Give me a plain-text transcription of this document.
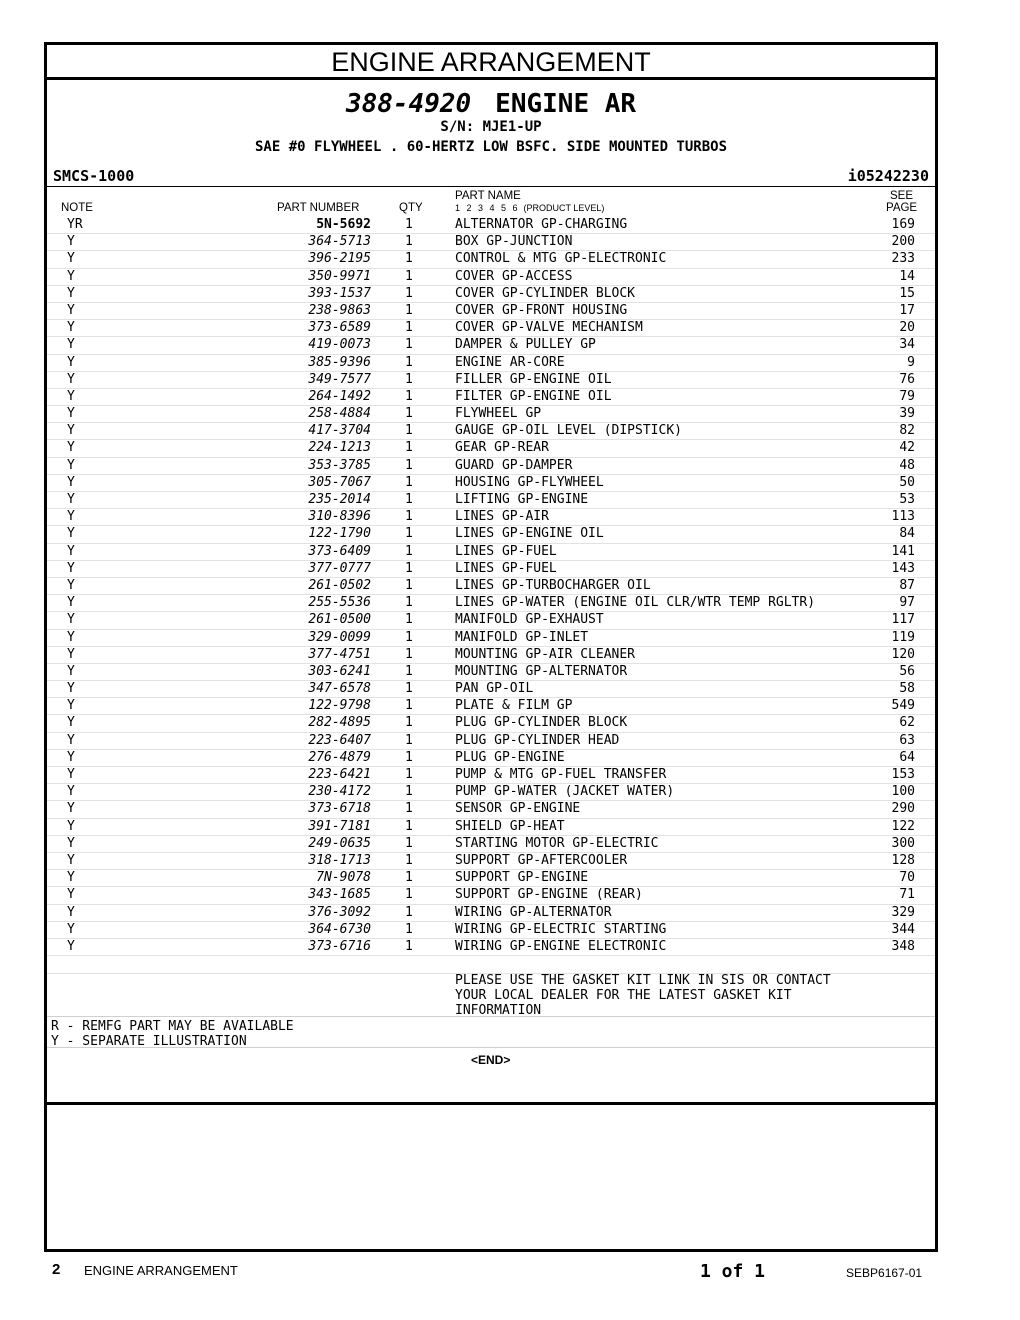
ENGINE ARRANGEMENT
388-4920 ENGINE AR
S/N: MJE1-UP
SAE #0 FLYWHEEL . 60-HERTZ LOW BSFC. SIDE MOUNTED TURBOS
SMCS-1000	i05242230
NOTE	PART NUMBER	QTY
PART NAME
1 2 3 4 5 6 (PRODUCT LEVEL)
SEE
PAGE
YR	5N-5692	1	ALTERNATOR GP-CHARGING	169
Y	364-5713	1	BOX GP-JUNCTION	200
Y	396-2195	1	CONTROL & MTG GP-ELECTRONIC	233
Y	350-9971	1	COVER GP-ACCESS	14
Y	393-1537	1	COVER GP-CYLINDER BLOCK	15
Y	238-9863	1	COVER GP-FRONT HOUSING	17
Y	373-6589	1	COVER GP-VALVE MECHANISM	20
Y	419-0073	1	DAMPER & PULLEY GP	34
Y	385-9396	1	ENGINE AR-CORE	9
Y	349-7577	1	FILLER GP-ENGINE OIL	76
Y	264-1492	1	FILTER GP-ENGINE OIL	79
Y	258-4884	1	FLYWHEEL GP	39
Y	417-3704	1	GAUGE GP-OIL LEVEL (DIPSTICK)	82
Y	224-1213	1	GEAR GP-REAR	42
Y	353-3785	1	GUARD GP-DAMPER	48
Y	305-7067	1	HOUSING GP-FLYWHEEL	50
Y	235-2014	1	LIFTING GP-ENGINE	53
Y	310-8396	1	LINES GP-AIR	113
Y	122-1790	1	LINES GP-ENGINE OIL	84
Y	373-6409	1	LINES GP-FUEL	141
Y	377-0777	1	LINES GP-FUEL	143
Y	261-0502	1	LINES GP-TURBOCHARGER OIL	87
Y	255-5536	1	LINES GP-WATER (ENGINE OIL CLR/WTR TEMP RGLTR)	97
Y	261-0500	1	MANIFOLD GP-EXHAUST	117
Y	329-0099	1	MANIFOLD GP-INLET	119
Y	377-4751	1	MOUNTING GP-AIR CLEANER	120
Y	303-6241	1	MOUNTING GP-ALTERNATOR	56
Y	347-6578	1	PAN GP-OIL	58
Y	122-9798	1	PLATE & FILM GP	549
Y	282-4895	1	PLUG GP-CYLINDER BLOCK	62
Y	223-6407	1	PLUG GP-CYLINDER HEAD	63
Y	276-4879	1	PLUG GP-ENGINE	64
Y	223-6421	1	PUMP & MTG GP-FUEL TRANSFER	153
Y	230-4172	1	PUMP GP-WATER (JACKET WATER)	100
Y	373-6718	1	SENSOR GP-ENGINE	290
Y	391-7181	1	SHIELD GP-HEAT	122
Y	249-0635	1	STARTING MOTOR GP-ELECTRIC	300
Y	318-1713	1	SUPPORT GP-AFTERCOOLER	128
Y	7N-9078	1	SUPPORT GP-ENGINE	70
Y	343-1685	1	SUPPORT GP-ENGINE (REAR)	71
Y	376-3092	1	WIRING GP-ALTERNATOR	329
Y	364-6730	1	WIRING GP-ELECTRIC STARTING	344
Y	373-6716	1	WIRING GP-ENGINE ELECTRONIC	348
PLEASE USE THE GASKET KIT LINK IN SIS OR CONTACT
YOUR LOCAL DEALER FOR THE LATEST GASKET KIT
INFORMATION
R - REMFG PART MAY BE AVAILABLE
Y - SEPARATE ILLUSTRATION
<END>
2 ENGINE ARRANGEMENT	1 of 1	SEBP6167-01
